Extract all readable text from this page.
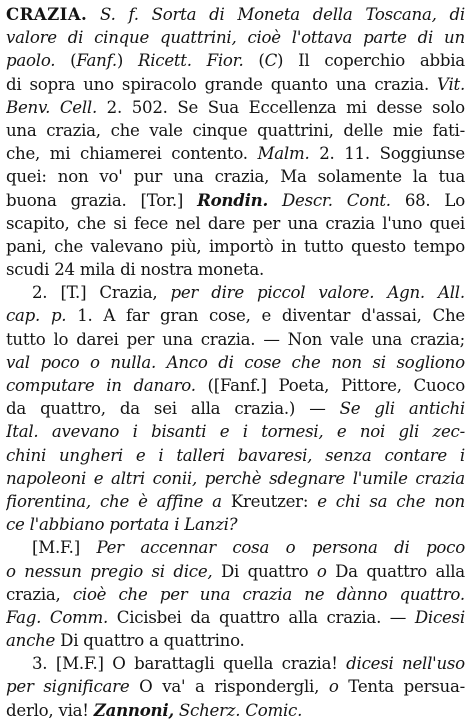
CRAZIA. S. f. Sorta di Moneta della Toscana, di
valore di cinque quattrini, cioè l'ottava parte di un
paolo. (Fanf.) Ricett. Fior. (C) Il coperchio abbia
di sopra uno spiracolo grande quanto una crazia. Vit.
Benv. Cell. 2. 502. Se Sua Eccellenza mi desse solo
una crazia, che vale cinque quattrini, delle mie fati-
che, mi chiamerei contento. Malm. 2. 11. Soggiunse
quei: non vo' pur una crazia, Ma solamente la tua
buona grazia. [Tor.] Rondin. Descr. Cont. 68. Lo
scapito, che si fece nel dare per una crazia l'uno quei
pani, che valevano più, importò in tutto questo tempo
scudi 24 mila di nostra moneta.
2. [T.] Crazia, per dire piccol valore. Agn. All.
cap. p. 1. A far gran cose, e diventar d'assai, Che
tutto lo darei per una crazia. — Non vale una crazia;
val poco o nulla. Anco di cose che non si sogliono
computare in danaro. ([Fanf.] Poeta, Pittore, Cuoco
da quattro, da sei alla crazia.) — Se gli antichi
Ital. avevano i bisanti e i tornesi, e noi gli zec-
chini ungheri e i talleri bavaresi, senza contare i
napoleoni e altri conii, perchè sdegnare l'umile crazia
fiorentina, che è affine a Kreutzer: e chi sa che non
ce l'abbiano portata i Lanzi?
[M.F.] Per accennar cosa o persona di poco
o nessun pregio si dice, Di quattro o Da quattro alla
crazia, cioè che per una crazia ne dànno quattro.
Fag. Comm. Cicisbei da quattro alla crazia. — Dicesi
anche Di quattro a quattrino.
3. [M.F.] O barattagli quella crazia! dicesi nell'uso
per significare O va' a rispondergli, o Tenta persua-
derlo, via! Zannoni, Scherz. Comic.
